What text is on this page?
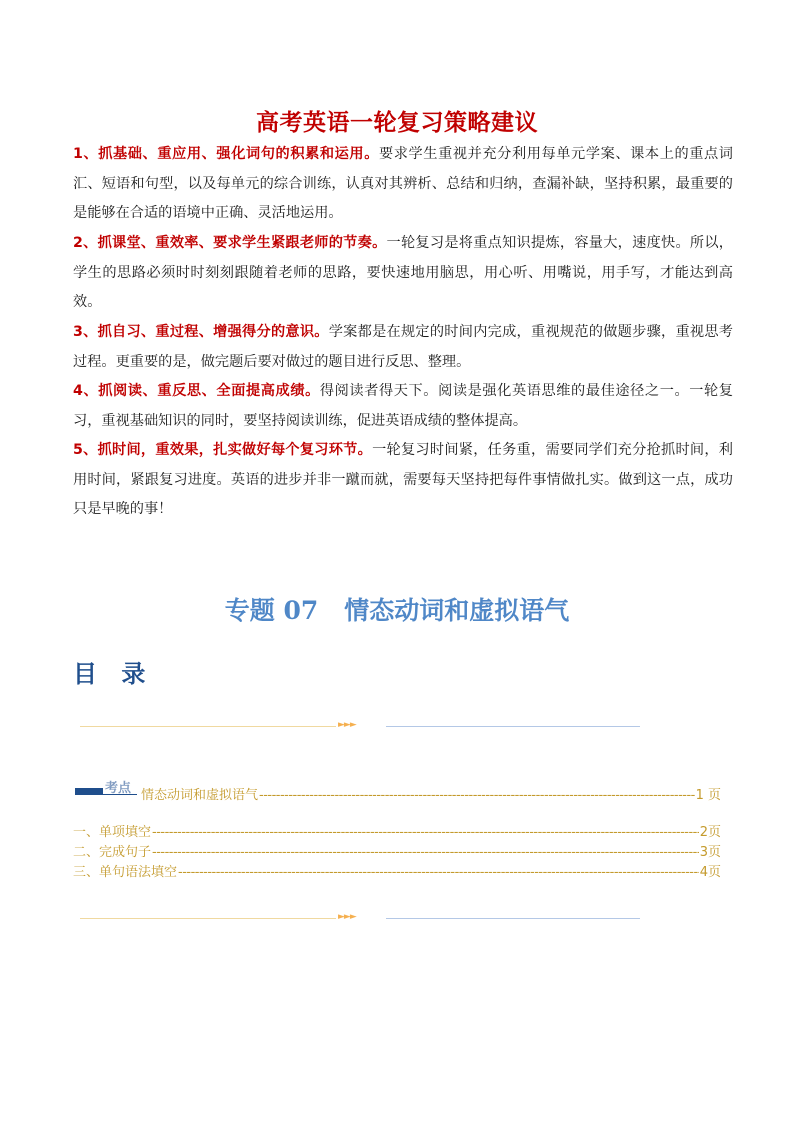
高考英语一轮复习策略建议
1、抓基础、重应用、强化词句的积累和运用。要求学生重视并充分利用每单元学案、课本上的重点词汇、短语和句型，以及每单元的综合训练，认真对其辨析、总结和归纳，查漏补缺，坚持积累，最重要的是能够在合适的语境中正确、灵活地运用。
2、抓课堂、重效率、要求学生紧跟老师的节奏。一轮复习是将重点知识提炼，容量大，速度快。所以，学生的思路必须时时刻刻跟随着老师的思路，要快速地用脑思，用心听、用嘴说，用手写，才能达到高效。
3、抓自习、重过程、增强得分的意识。学案都是在规定的时间内完成，重视规范的做题步骤，重视思考过程。更重要的是，做完题后要对做过的题目进行反思、整理。
4、抓阅读、重反思、全面提高成绩。得阅读者得天下。阅读是强化英语思维的最佳途径之一。一轮复习，重视基础知识的同时，要坚持阅读训练，促进英语成绩的整体提高。
5、抓时间，重效果，扎实做好每个复习环节。一轮复习时间紧，任务重，需要同学们充分抢抓时间，利用时间，紧跟复习进度。英语的进步并非一蹴而就，需要每天坚持把每件事情做扎实。做到这一点，成功只是早晚的事！
专题 07 情态动词和虚拟语气
目 录
►►►
考点 情态动词和虚拟语气 -----	1 页
一、单项填空 -----	2页
二、完成句子 -----	3页
三、单句语法填空 -----	4页
►►►
